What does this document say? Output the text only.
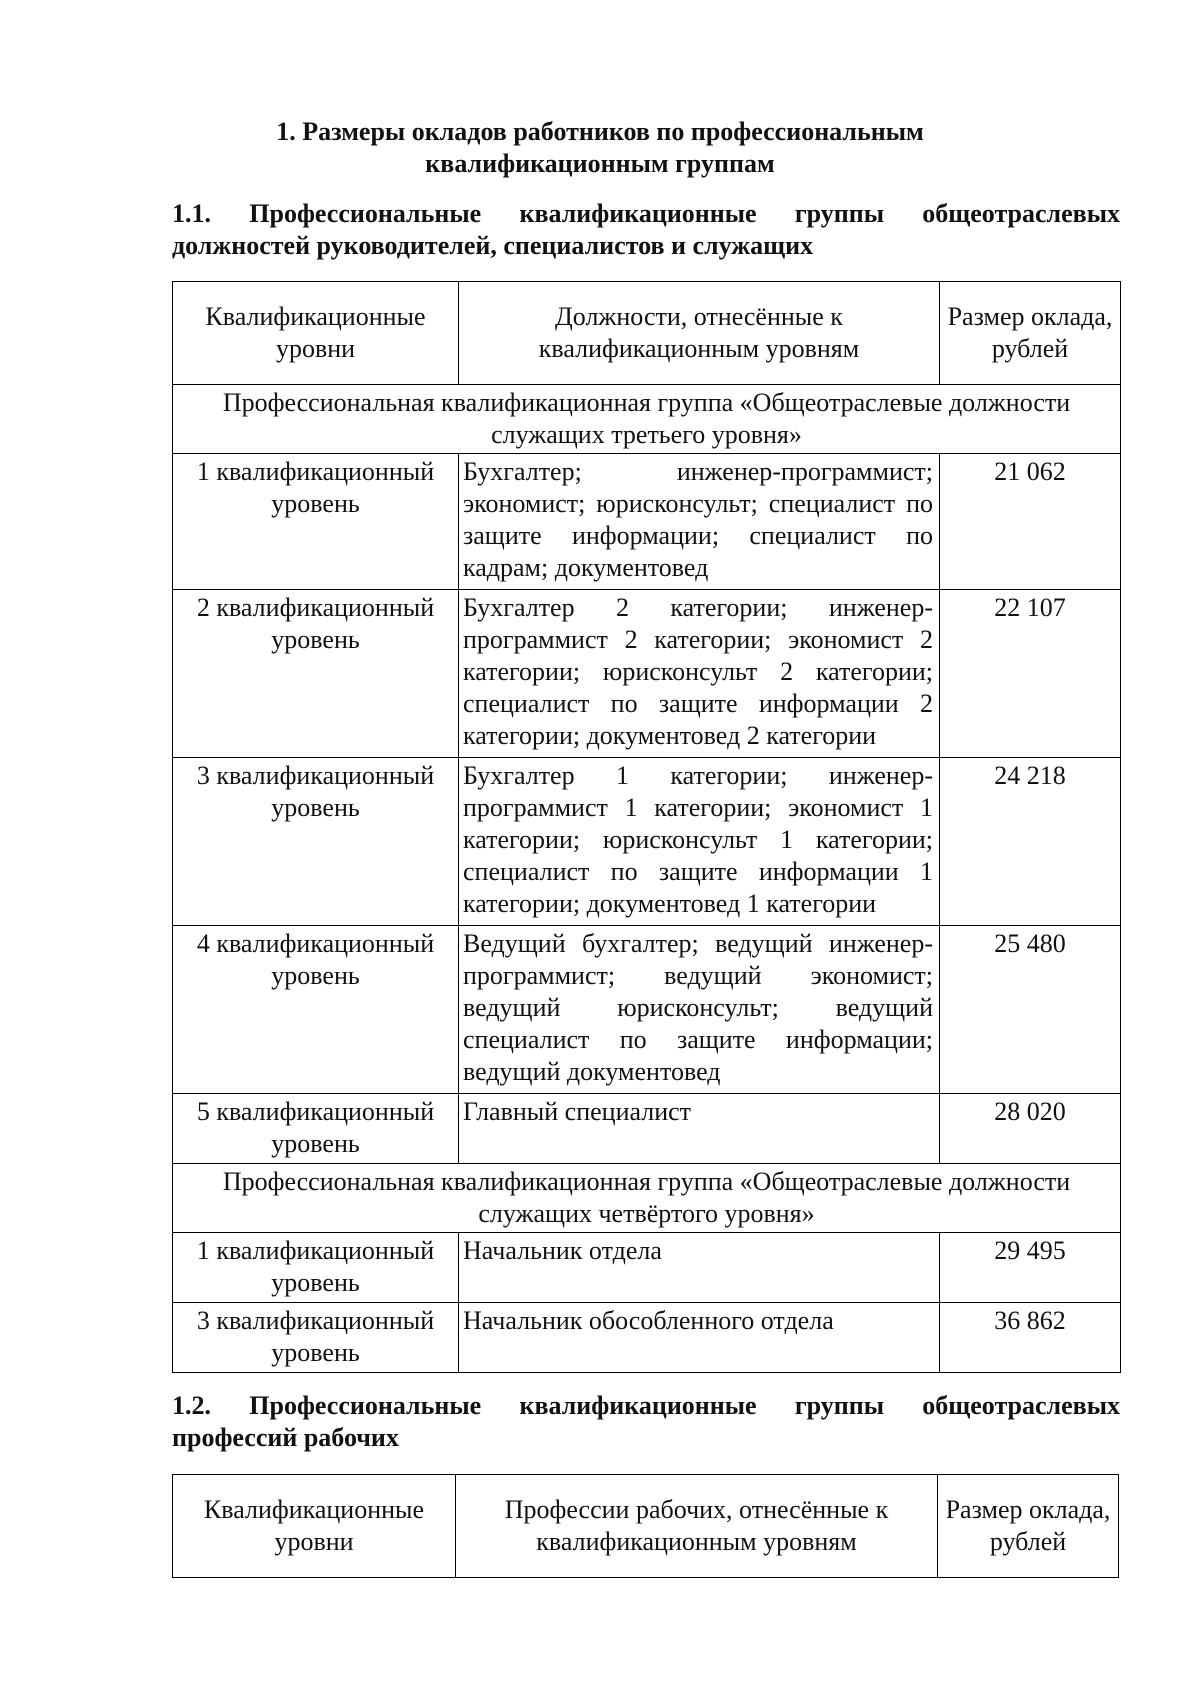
1. Размеры окладов работников по профессиональным
квалификационным группам
1.1. Профессиональные квалификационные группы общеотраслевых должностей руководителей, специалистов и служащих
Квалификационные уровни	Должности, отнесённые к квалификационным уровням	Размер оклада, рублей
Профессиональная квалификационная группа «Общеотраслевые должности служащих третьего уровня»		
1 квалификационный уровень	Бухгалтер; инженер-программист; экономист; юрисконсульт; специалист по защите информации; специалист по кадрам; документовед	21 062
2 квалификационный уровень	Бухгалтер 2 категории; инженер-программист 2 категории; экономист 2 категории; юрисконсульт 2 категории; специалист по защите информации 2 категории; документовед 2 категории	22 107
3 квалификационный уровень	Бухгалтер 1 категории; инженер-программист 1 категории; экономист 1 категории; юрисконсульт 1 категории; специалист по защите информации 1 категории; документовед 1 категории	24 218
4 квалификационный уровень	Ведущий бухгалтер; ведущий инженер-программист; ведущий экономист; ведущий юрисконсульт; ведущий специалист по защите информации; ведущий документовед	25 480
5 квалификационный уровень	Главный специалист	28 020
Профессиональная квалификационная группа «Общеотраслевые должности служащих четвёртого уровня»		
1 квалификационный уровень	Начальник отдела	29 495
3 квалификационный уровень	Начальник обособленного отдела	36 862
1.2. Профессиональные квалификационные группы общеотраслевых профессий рабочих
Квалификационные уровни	Профессии рабочих, отнесённые к квалификационным уровням	Размер оклада, рублей
